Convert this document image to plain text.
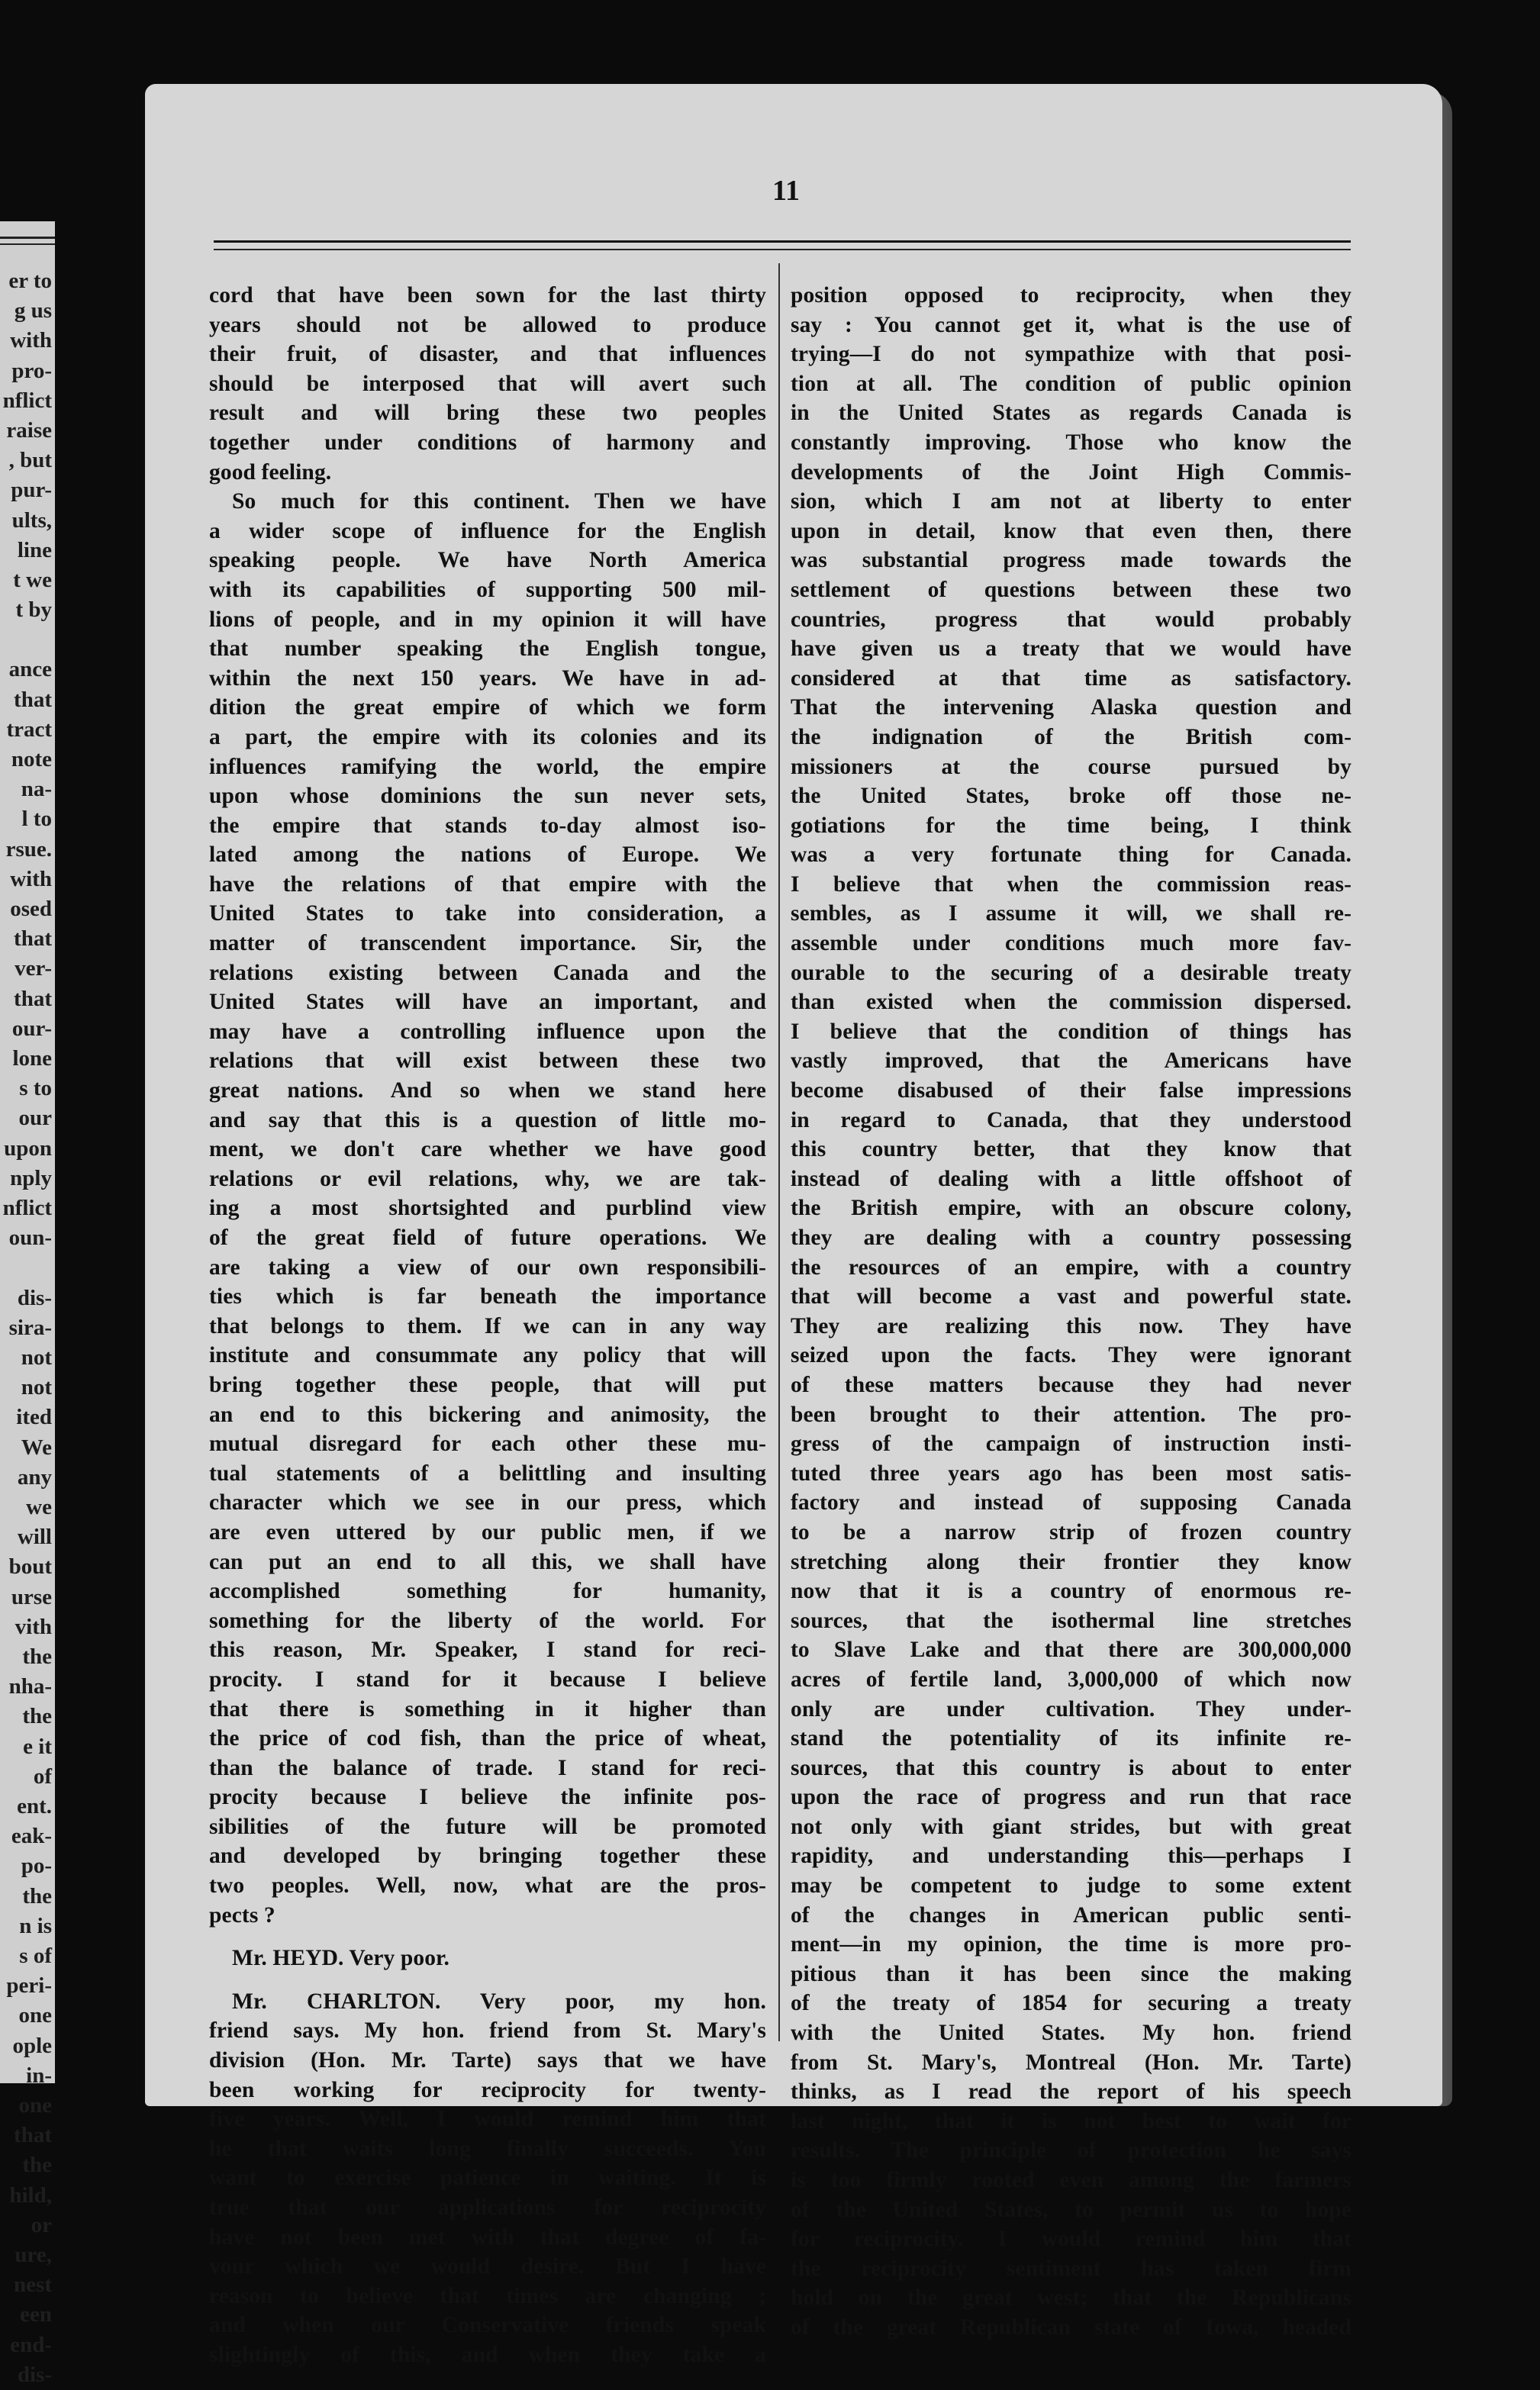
er to
g us
with
pro-
nflict
raise
, but
pur-
ults,
line
t we
t by
ance
that
tract
note
na-
l to
rsue.
with
osed
that
ver-
that
our-
lone
s to
our
upon
nply
nflict
oun-
dis-
sira-
not
not
ited
We
any
we
will
bout
urse
vith
the
nha-
the
e it
of
ent.
eak-
po-
the
n is
s of
peri-
one
ople
in-
one
that
the
hild,
or
ure,
nest
een
end-
dis-
11

cord that have been sown for the last thirty

years should not be allowed to produce

their fruit, of disaster, and that influences

should be interposed that will avert such

result and will bring these two peoples

together under conditions of harmony and

good feeling.

So much for this continent. Then we have

a wider scope of influence for the English

speaking people. We have North America

with its capabilities of supporting 500 mil-

lions of people, and in my opinion it will have

that number speaking the English tongue,

within the next 150 years. We have in ad-

dition the great empire of which we form

a part, the empire with its colonies and its

influences ramifying the world, the empire

upon whose dominions the sun never sets,

the empire that stands to-day almost iso-

lated among the nations of Europe. We

have the relations of that empire with the

United States to take into consideration, a

matter of transcendent importance. Sir, the

relations existing between Canada and the

United States will have an important, and

may have a controlling influence upon the

relations that will exist between these two

great nations. And so when we stand here

and say that this is a question of little mo-

ment, we don't care whether we have good

relations or evil relations, why, we are tak-

ing a most shortsighted and purblind view

of the great field of future operations. We

are taking a view of our own responsibili-

ties which is far beneath the importance

that belongs to them. If we can in any way

institute and consummate any policy that will

bring together these people, that will put

an end to this bickering and animosity, the

mutual disregard for each other these mu-

tual statements of a belittling and insulting

character which we see in our press, which

are even uttered by our public men, if we

can put an end to all this, we shall have

accomplished something for humanity,

something for the liberty of the world. For

this reason, Mr. Speaker, I stand for reci-

procity. I stand for it because I believe

that there is something in it higher than

the price of cod fish, than the price of wheat,

than the balance of trade. I stand for reci-

procity because I believe the infinite pos-

sibilities of the future will be promoted

and developed by bringing together these

two peoples. Well, now, what are the pros-

pects ?

Mr. HEYD. Very poor.

Mr. CHARLTON. Very poor, my hon.

friend says. My hon. friend from St. Mary's

division (Hon. Mr. Tarte) says that we have

been working for reciprocity for twenty-

five years. Well, I would remind him that

he that waits long finally succeeds. You

want to exercise patience in waiting. It is

true that our applications for reciprocity

have not been met with that degree of fa-

vour which we would desire. But I have

reason to believe that times are changing ;

and when our Conservative friends speak

slightingly of this, and when they take a

position opposed to reciprocity, when they

say : You cannot get it, what is the use of

trying—I do not sympathize with that posi-

tion at all. The condition of public opinion

in the United States as regards Canada is

constantly improving. Those who know the

developments of the Joint High Commis-

sion, which I am not at liberty to enter

upon in detail, know that even then, there

was substantial progress made towards the

settlement of questions between these two

countries, progress that would probably

have given us a treaty that we would have

considered at that time as satisfactory.

That the intervening Alaska question and

the indignation of the British com-

missioners at the course pursued by

the United States, broke off those ne-

gotiations for the time being, I think

was a very fortunate thing for Canada.

I believe that when the commission reas-

sembles, as I assume it will, we shall re-

assemble under conditions much more fav-

ourable to the securing of a desirable treaty

than existed when the commission dispersed.

I believe that the condition of things has

vastly improved, that the Americans have

become disabused of their false impressions

in regard to Canada, that they understood

this country better, that they know that

instead of dealing with a little offshoot of

the British empire, with an obscure colony,

they are dealing with a country possessing

the resources of an empire, with a country

that will become a vast and powerful state.

They are realizing this now. They have

seized upon the facts. They were ignorant

of these matters because they had never

been brought to their attention. The pro-

gress of the campaign of instruction insti-

tuted three years ago has been most satis-

factory and instead of supposing Canada

to be a narrow strip of frozen country

stretching along their frontier they know

now that it is a country of enormous re-

sources, that the isothermal line stretches

to Slave Lake and that there are 300,000,000

acres of fertile land, 3,000,000 of which now

only are under cultivation. They under-

stand the potentiality of its infinite re-

sources, that this country is about to enter

upon the race of progress and run that race

not only with giant strides, but with great

rapidity, and understanding this—perhaps I

may be competent to judge to some extent

of the changes in American public senti-

ment—in my opinion, the time is more pro-

pitious than it has been since the making

of the treaty of 1854 for securing a treaty

with the United States. My hon. friend

from St. Mary's, Montreal (Hon. Mr. Tarte)

thinks, as I read the report of his speech

last night, that it is not best to wait for

results. The principle of protection he says

is too firmly rooted even among the farmers

of the United States, to permit us to hope

for reciprocity. I would remind him that

the reciprocity sentiment has taken firm

hold on the great west; that the Republicans

of the great Republican state of Iowa, headed
